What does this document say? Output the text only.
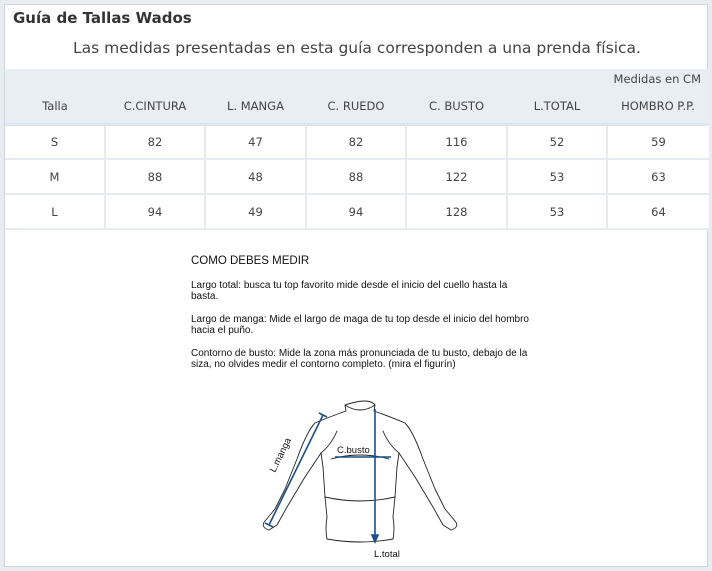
Guía de Tallas Wados
Las medidas presentadas en esta guía corresponden a una prenda física.
Medidas en CM
Talla	C.CINTURA	L. MANGA	C. RUEDO	C. BUSTO	L.TOTAL	HOMBRO P.P.
S	82	47	82	116	52	59
M	88	48	88	122	53	63
L	94	49	94	128	53	64
COMO DEBES MEDIR
Largo total: busca tu top favorito mide desde el inicio del cuello hasta la basta.
Largo de manga: Mide el largo de maga de tu top desde el inicio del hombro hacia el puño.
Contorno de busto: Mide la zona más pronunciada de tu busto, debajo de la siza, no olvides medir el contorno completo. (mira el figurín)
L.manga	C.busto
L.total
